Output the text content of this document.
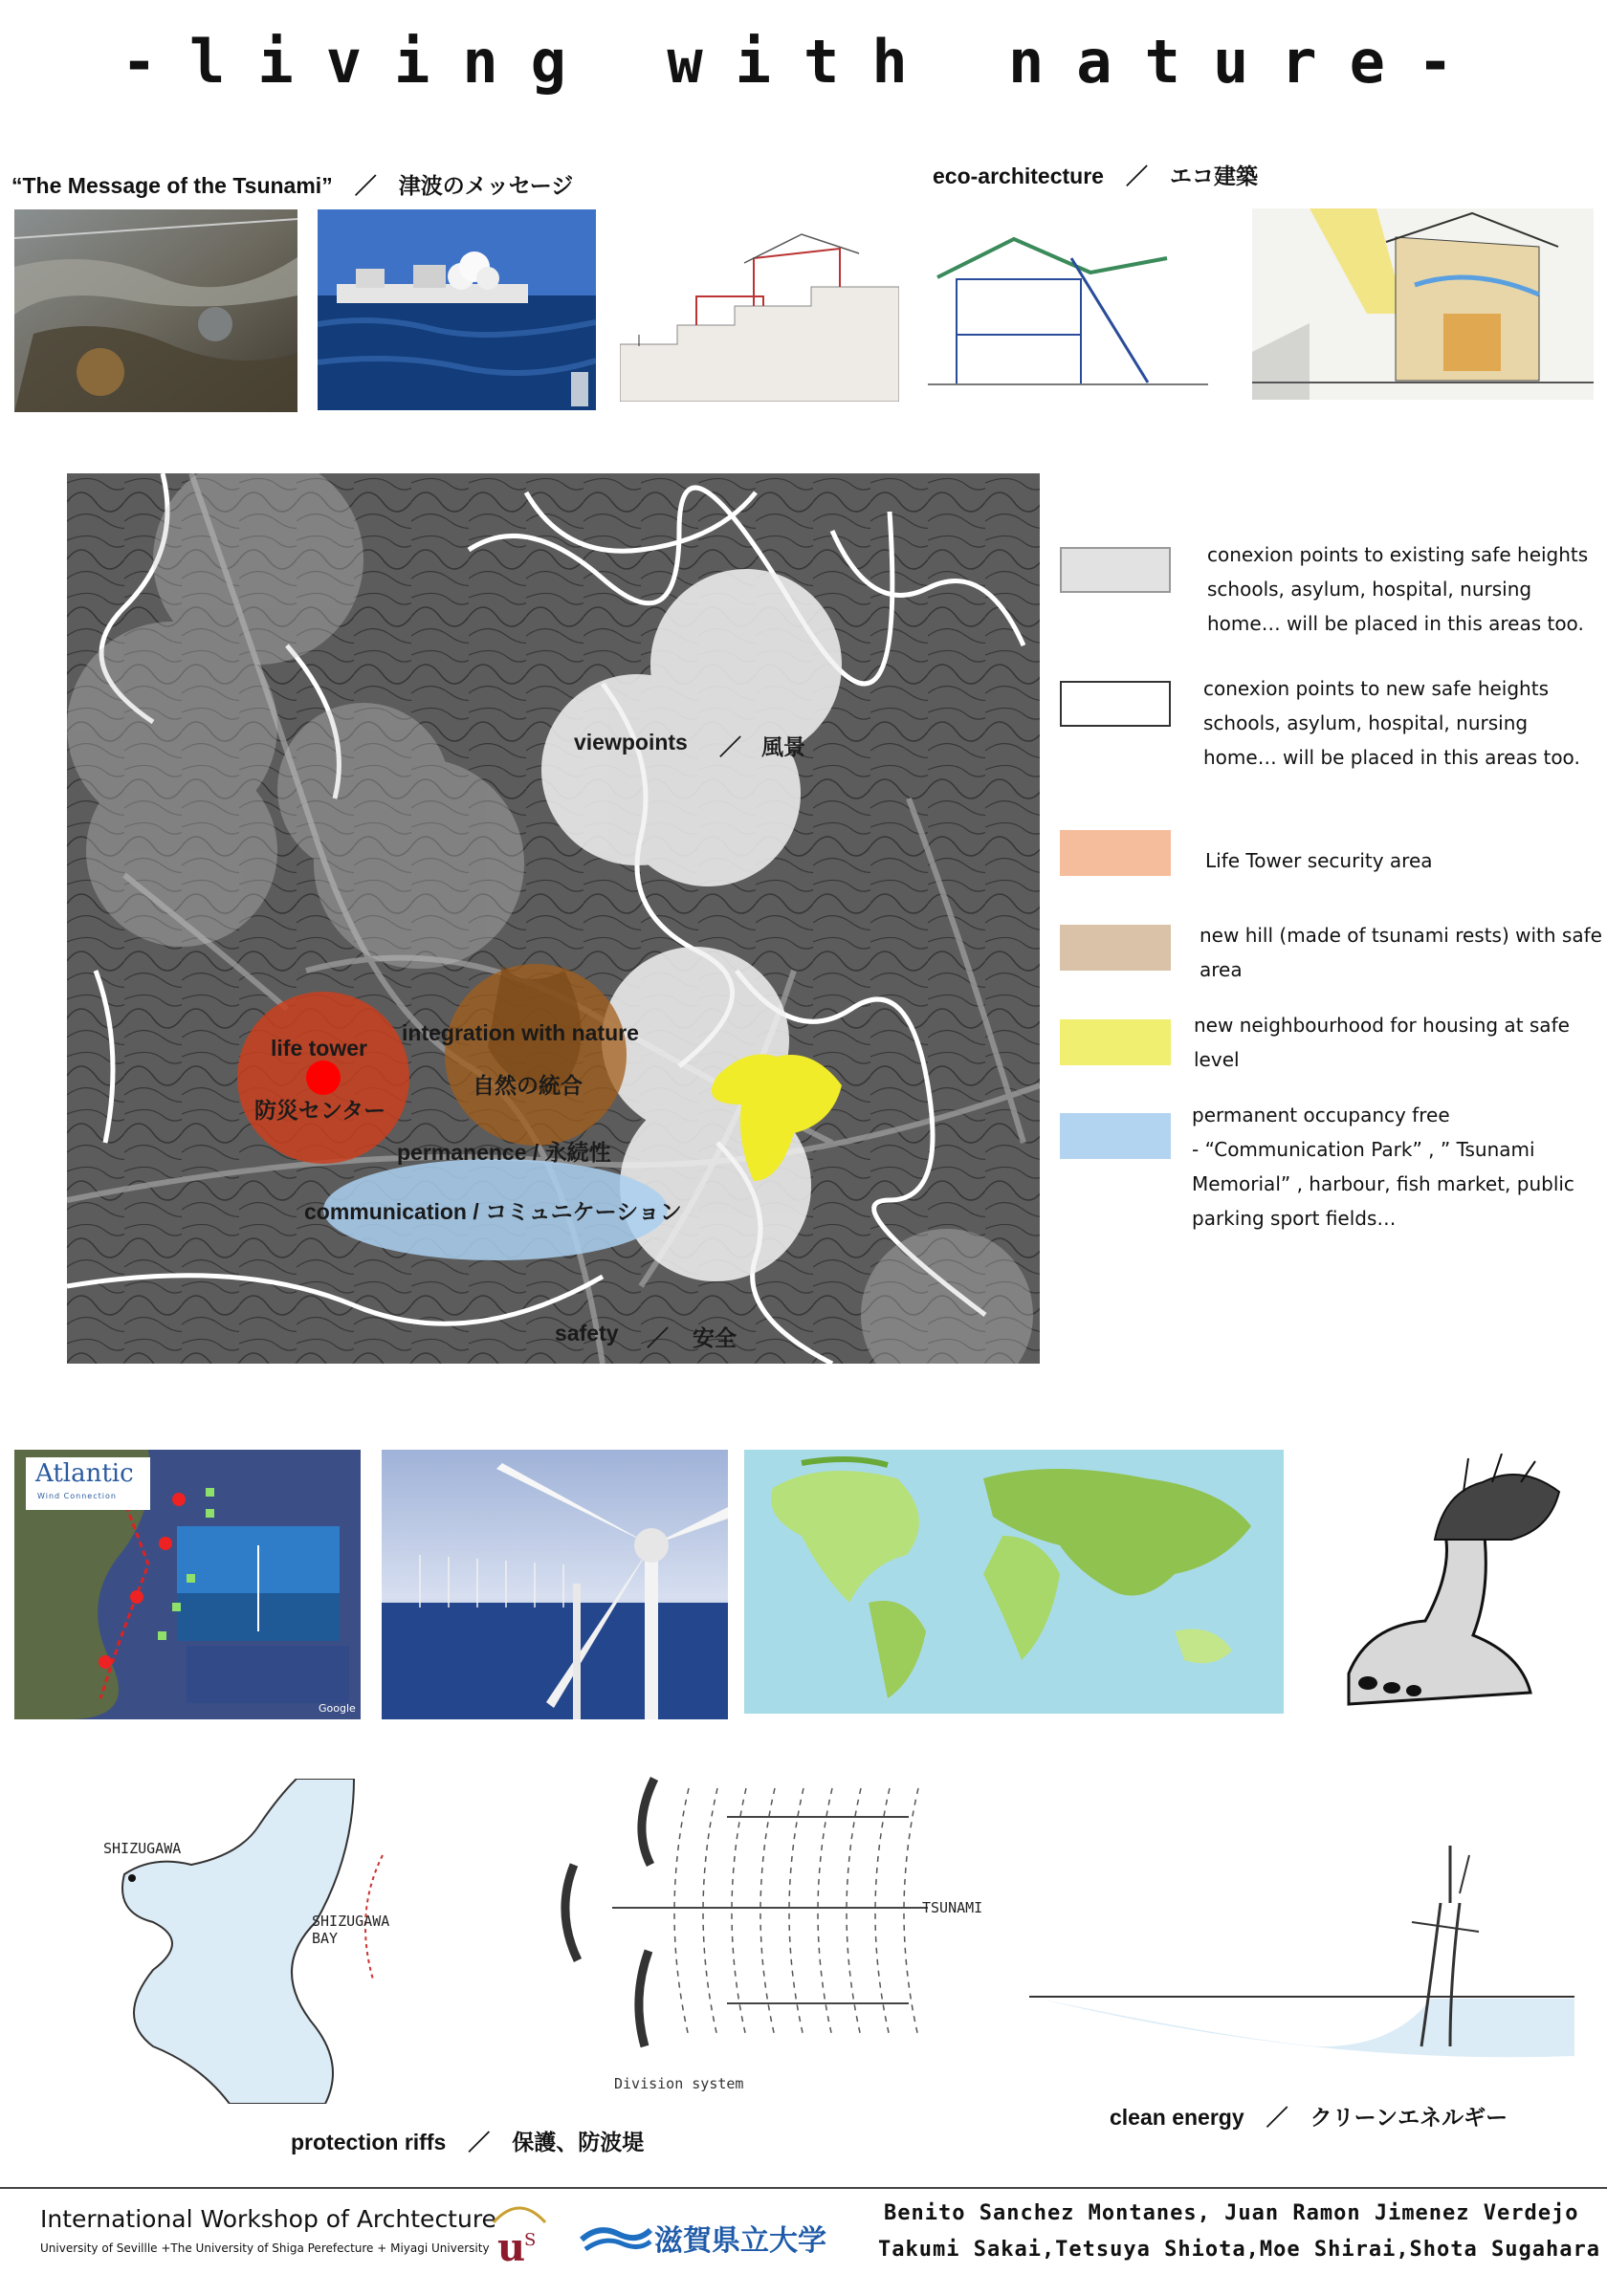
-living with nature-
“The Message of the Tsunami”　／　津波のメッセージ	eco-architecture　／　エコ建築
viewpoints ／ 風景
life tower
防災センター
integration with nature
自然の統合
permanence / 永続性
communication / コミュニケーション
safety ／ 安全
conexion points to existing safe heights
schools, asylum, hospital, nursing
home… will be placed in this areas too.
conexion points to new safe heights
schools, asylum, hospital, nursing
home… will be placed in this areas too.
Life Tower security area
new hill (made of tsunami rests) with safe
area
new neighbourhood for housing at safe
level
permanent occupancy free
- “Communication Park” , ” Tsunami
Memorial” , harbour, fish market, public
parking sport fields…
Atlantic
Wind Connection
Google
SHIZUGAWA
SHIZUGAWA BAY
TSUNAMI
Division system
protection riffs　／　保護、防波堤
clean energy　／　クリーンエネルギー
International Workshop of Archtecture
University of Sevillle +The University of Shiga Perefecture + Miyagi University u
S	滋賀県立大学
Benito Sanchez Montanes, Juan Ramon Jimenez Verdejo
Takumi Sakai,Tetsuya Shiota,Moe Shirai,Shota Sugahara
